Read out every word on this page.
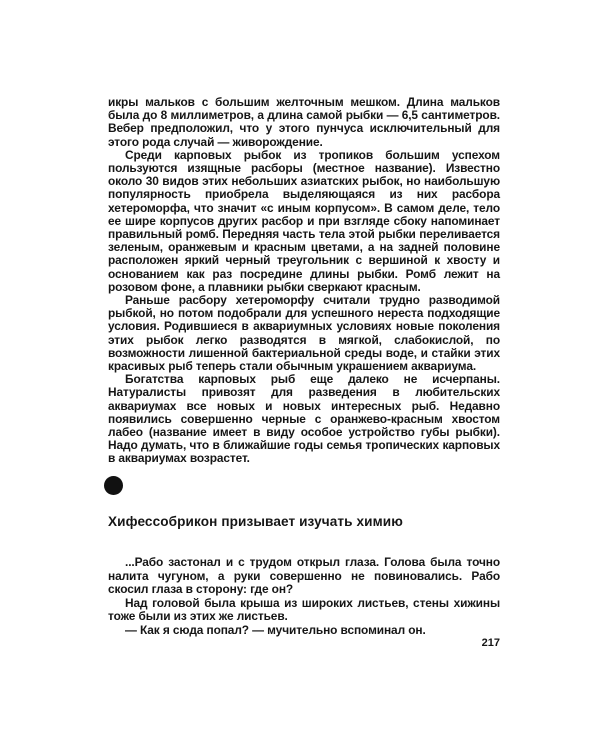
икры мальков с большим желточным мешком. Длина мальков была до 8 миллиметров, а длина самой рыбки — 6,5 сантиметров. Вебер предположил, что у этого пунчуса исключительный для этого рода случай — живорождение.

Среди карповых рыбок из тропиков большим успехом пользуются изящные расборы (местное название). Известно около 30 видов этих небольших азиатских рыбок, но наибольшую популярность приобрела выделяющаяся из них расбора хетероморфа, что значит «с иным корпусом». В самом деле, тело ее шире корпусов других расбор и при взгляде сбоку напоминает правильный ромб. Передняя часть тела этой рыбки переливается зеленым, оранжевым и красным цветами, а на задней половине расположен яркий черный треугольник с вершиной к хвосту и основанием как раз посредине длины рыбки. Ромб лежит на розовом фоне, а плавники рыбки сверкают красным.

Раньше расбору хетероморфу считали трудно разводимой рыбкой, но потом подобрали для успешного нереста подходящие условия. Родившиеся в аквариумных условиях новые поколения этих рыбок легко разводятся в мягкой, слабокислой, по возможности лишенной бактериальной среды воде, и стайки этих красивых рыб теперь стали обычным украшением аквариума.

Богатства карповых рыб еще далеко не исчерпаны. Натуралисты привозят для разведения в любительских аквариумах все новых и новых интересных рыб. Недавно появились совершенно черные с оранжево-красным хвостом лабео (название имеет в виду особое устройство губы рыбки). Надо думать, что в ближайшие годы семья тропических карповых в аквариумах возрастет.

Хифессобрикон призывает изучать химию

...Рабо застонал и с трудом открыл глаза. Голова была точно налита чугуном, а руки совершенно не повиновались. Рабо скосил глаза в сторону: где он?

Над головой была крыша из широких листьев, стены хижины тоже были из этих же листьев.

— Как я сюда попал? — мучительно вспоминал он.

217
